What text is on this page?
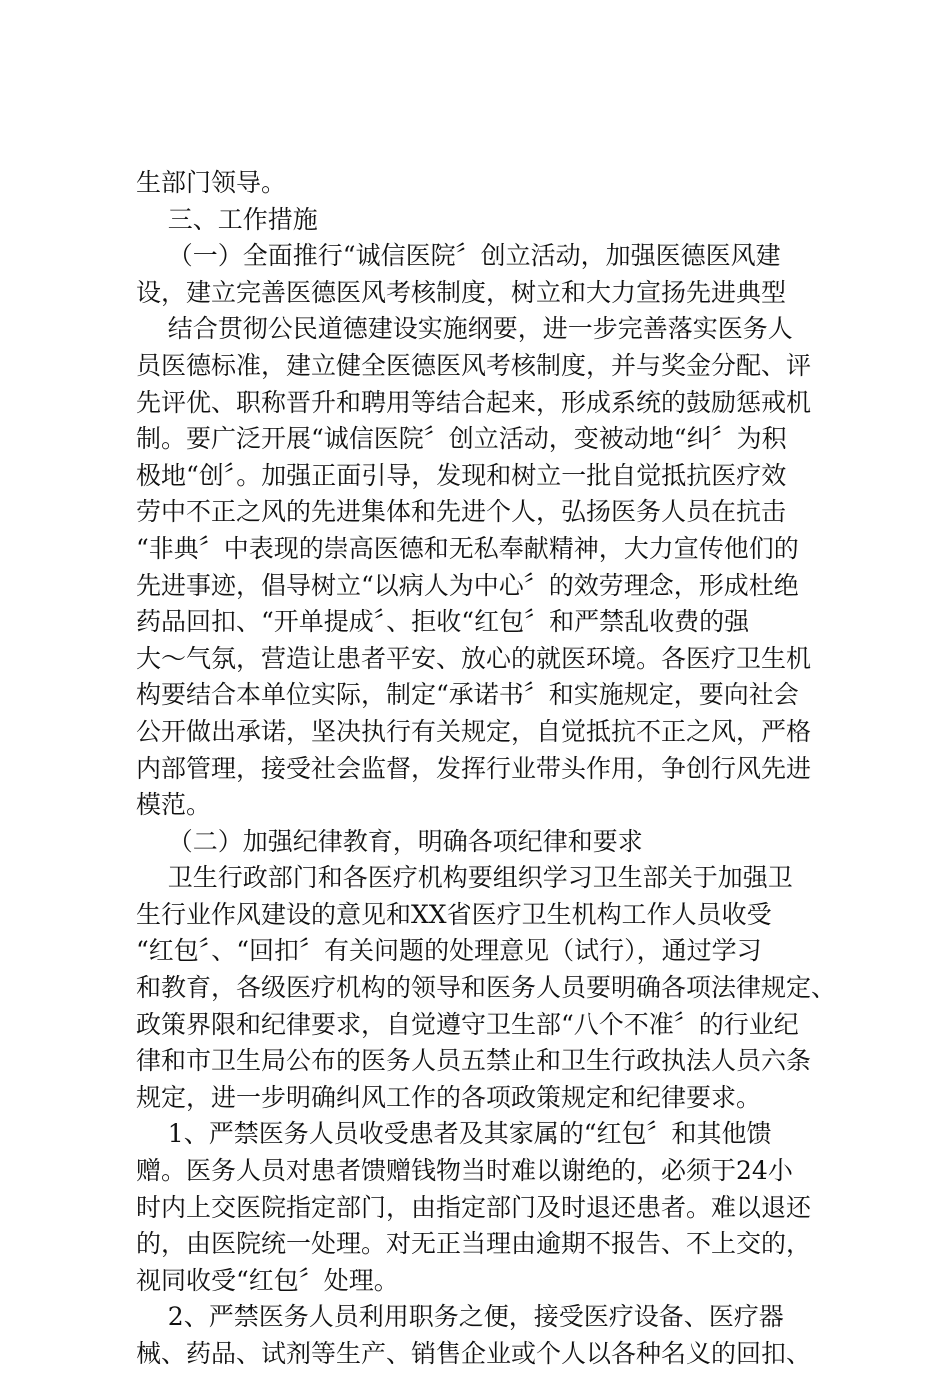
生部门领导。
三、工作措施
（一）全面推行“诚信医院〞创立活动，加强医德医风建
设，建立完善医德医风考核制度，树立和大力宣扬先进典型
结合贯彻公民道德建设实施纲要，进一步完善落实医务人
员医德标准，建立健全医德医风考核制度，并与奖金分配、评
先评优、职称晋升和聘用等结合起来，形成系统的鼓励惩戒机
制。要广泛开展“诚信医院〞创立活动，变被动地“纠〞为积
极地“创〞。加强正面引导，发现和树立一批自觉抵抗医疗效
劳中不正之风的先进集体和先进个人，弘扬医务人员在抗击
“非典〞中表现的崇高医德和无私奉献精神，大力宣传他们的
先进事迹，倡导树立“以病人为中心〞的效劳理念，形成杜绝
药品回扣、“开单提成〞、拒收“红包〞和严禁乱收费的强
大～气氛，营造让患者平安、放心的就医环境。各医疗卫生机
构要结合本单位实际，制定“承诺书〞和实施规定，要向社会
公开做出承诺，坚决执行有关规定，自觉抵抗不正之风，严格
内部管理，接受社会监督，发挥行业带头作用，争创行风先进
模范。
（二）加强纪律教育，明确各项纪律和要求
卫生行政部门和各医疗机构要组织学习卫生部关于加强卫
生行业作风建设的意见和XX省医疗卫生机构工作人员收受
“红包〞、“回扣〞有关问题的处理意见（试行），通过学习
和教育，各级医疗机构的领导和医务人员要明确各项法律规定、
政策界限和纪律要求，自觉遵守卫生部“八个不准〞的行业纪
律和市卫生局公布的医务人员五禁止和卫生行政执法人员六条
规定，进一步明确纠风工作的各项政策规定和纪律要求。
1、严禁医务人员收受患者及其家属的“红包〞和其他馈
赠。医务人员对患者馈赠钱物当时难以谢绝的，必须于24小
时内上交医院指定部门，由指定部门及时退还患者。难以退还
的，由医院统一处理。对无正当理由逾期不报告、不上交的，
视同收受“红包〞处理。
2、严禁医务人员利用职务之便，接受医疗设备、医疗器
械、药品、试剂等生产、销售企业或个人以各种名义的回扣、
